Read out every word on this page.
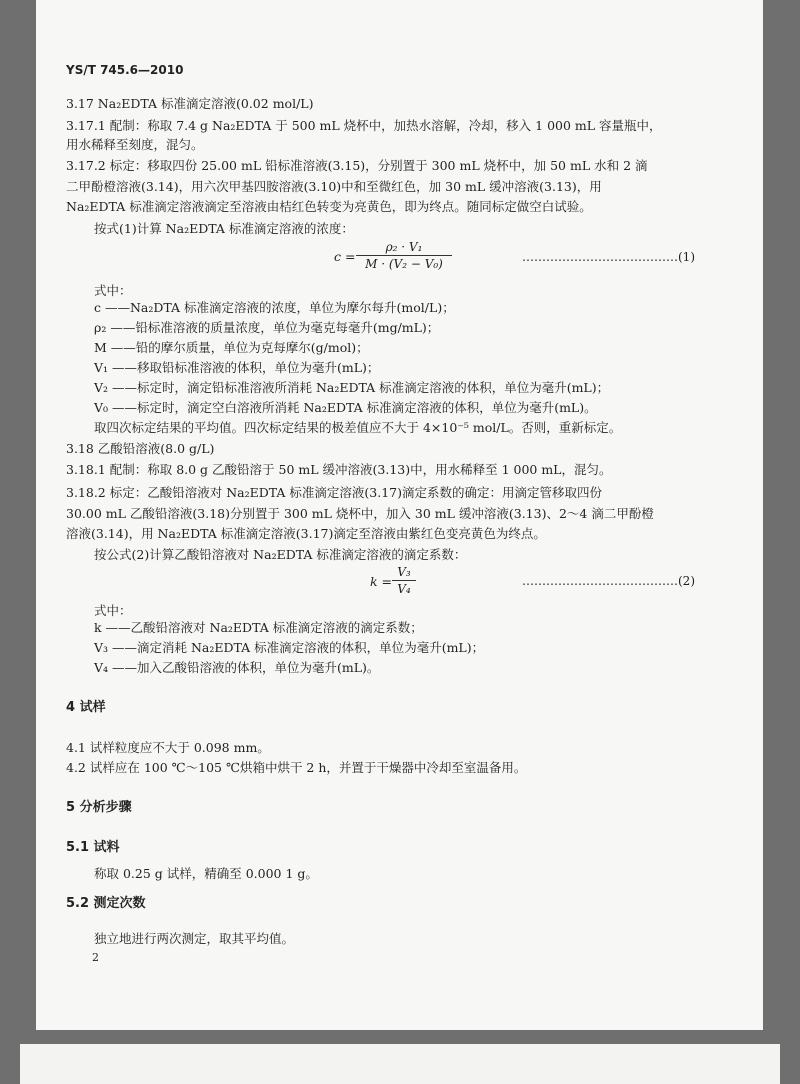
YS/T 745.6—2010
3.17 Na₂EDTA 标准滴定溶液(0.02 mol/L)
3.17.1 配制：称取 7.4 g Na₂EDTA 于 500 mL 烧杯中，加热水溶解，冷却，移入 1 000 mL 容量瓶中，
用水稀释至刻度，混匀。
3.17.2 标定：移取四份 25.00 mL 铅标准溶液(3.15)，分别置于 300 mL 烧杯中，加 50 mL 水和 2 滴
二甲酚橙溶液(3.14)，用六次甲基四胺溶液(3.10)中和至微红色，加 30 mL 缓冲溶液(3.13)，用
Na₂EDTA 标准滴定溶液滴定至溶液由桔红色转变为亮黄色，即为终点。随同标定做空白试验。
按式(1)计算 Na₂EDTA 标准滴定溶液的浓度：
c =
ρ₂ · V₁
M · (V₂ − V₀)	…………………………………(1)
式中：
c ——Na₂DTA 标准滴定溶液的浓度，单位为摩尔每升(mol/L)；
ρ₂ ——铅标准溶液的质量浓度，单位为毫克每毫升(mg/mL)；
M ——铅的摩尔质量，单位为克每摩尔(g/mol)；
V₁ ——移取铅标准溶液的体积，单位为毫升(mL)；
V₂ ——标定时，滴定铅标准溶液所消耗 Na₂EDTA 标准滴定溶液的体积，单位为毫升(mL)；
V₀ ——标定时，滴定空白溶液所消耗 Na₂EDTA 标准滴定溶液的体积，单位为毫升(mL)。
取四次标定结果的平均值。四次标定结果的极差值应不大于 4×10⁻⁵ mol/L。否则，重新标定。
3.18 乙酸铅溶液(8.0 g/L)
3.18.1 配制：称取 8.0 g 乙酸铅溶于 50 mL 缓冲溶液(3.13)中，用水稀释至 1 000 mL，混匀。
3.18.2 标定：乙酸铅溶液对 Na₂EDTA 标准滴定溶液(3.17)滴定系数的确定：用滴定管移取四份
30.00 mL 乙酸铅溶液(3.18)分别置于 300 mL 烧杯中，加入 30 mL 缓冲溶液(3.13)、2～4 滴二甲酚橙
溶液(3.14)，用 Na₂EDTA 标准滴定溶液(3.17)滴定至溶液由紫红色变亮黄色为终点。
按公式(2)计算乙酸铅溶液对 Na₂EDTA 标准滴定溶液的滴定系数：
k =
V₃
V₄
…………………………………(2)
式中：
k ——乙酸铅溶液对 Na₂EDTA 标准滴定溶液的滴定系数；
V₃ ——滴定消耗 Na₂EDTA 标准滴定溶液的体积，单位为毫升(mL)；
V₄ ——加入乙酸铅溶液的体积，单位为毫升(mL)。
4 试样
4.1 试样粒度应不大于 0.098 mm。
4.2 试样应在 100 ℃～105 ℃烘箱中烘干 2 h，并置于干燥器中冷却至室温备用。
5 分析步骤
5.1 试料
称取 0.25 g 试样，精确至 0.000 1 g。
5.2 测定次数
独立地进行两次测定，取其平均值。
2
